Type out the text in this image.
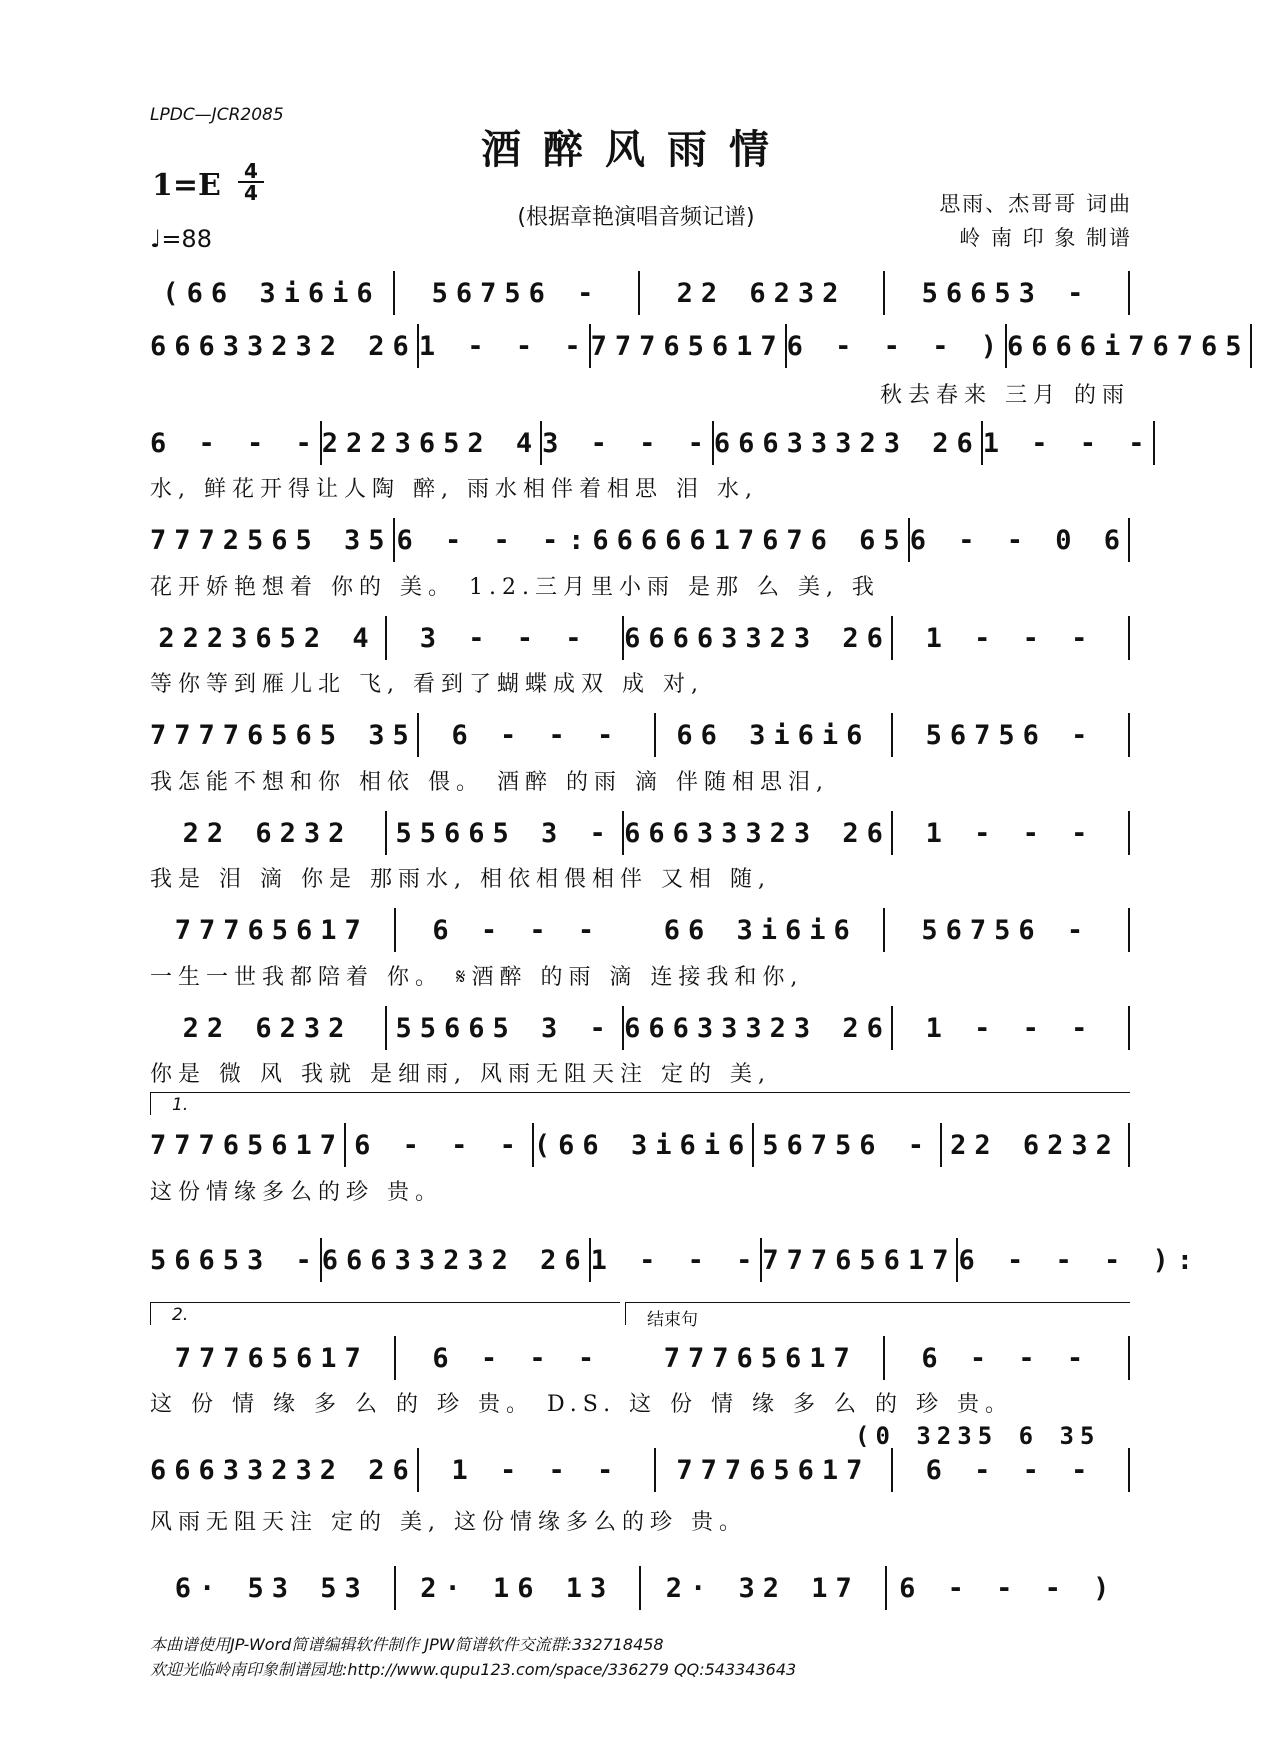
LPDC—JCR2085
酒醉风雨情
1=E	4
4
♩=88
(根据章艳演唱音频记谱)
思雨、杰哥哥 词曲
岭 南 印 象 制谱
(66 3i6i6	56756 -	22 6232	56653 -
66633232 26 1 - - - 77765617 6 - - - ) 6666i76765
6 - - - 2223652 4 3 - - - 66633323 26 1 - - -
7772565 35 6 - - - :6666617676 65 6 - - 0 6
2223652 4	3 - - -	66663323 26	1 - - -
77776565 35	6 - - -	66 3i6i6	56756 -
22 6232	55665 3 - 66633323 26	1 - - -
77765617	6 - - -	66 3i6i6	56756 -
22 6232	55665 3 - 66633323 26	1 - - -
77765617 6 - - - (66 3i6i6 56756 - 22 6232
56653 - 66633232 26 1 - - - 77765617 6 - - - ):
77765617	6 - - -	77765617	6 - - -
66633232 26	1 - - -	77765617	6 - - -
6· 53 53	2· 16 13	2· 32 17	6 - - - )
秋去春来 三月 的雨
水, 鲜花开得让人陶 醉, 雨水相伴着相思 泪 水,
花开娇艳想着 你的 美。 1.2.三月里小雨 是那 么 美, 我
等你等到雁儿北 飞, 看到了蝴蝶成双 成 对,
我怎能不想和你 相依 偎。 酒醉 的雨 滴 伴随相思泪,
我是 泪 滴 你是 那雨水, 相依相偎相伴 又相 随,
一生一世我都陪着 你。 𝄋酒醉 的雨 滴 连接我和你,
你是 微 风 我就 是细雨, 风雨无阻天注 定的 美,
这份情缘多么的珍 贵。
这 份 情 缘 多 么 的 珍 贵。 D.S. 这 份 情 缘 多 么 的 珍 贵。
风雨无阻天注 定的 美, 这份情缘多么的珍 贵。
1.
2.	结束句
(0 3235 6 35
本曲谱使用JP-Word简谱编辑软件制作 JPW简谱软件交流群:332718458
欢迎光临岭南印象制谱园地:http://www.qupu123.com/space/336279 QQ:543343643
